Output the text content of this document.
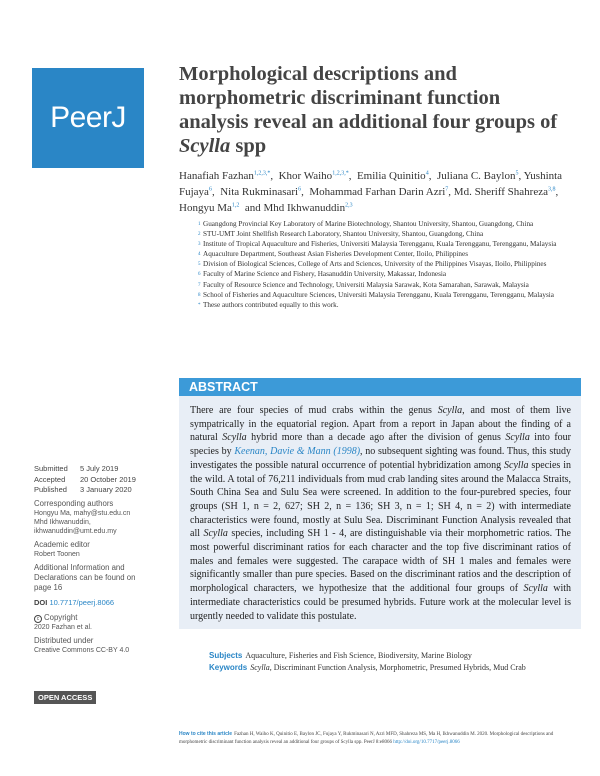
PeerJ
Morphological descriptions and morphometric discriminant function analysis reveal an additional four groups of Scylla spp
Hanafiah Fazhan$^{1,2,3,*}$,  Khor Waiho$^{1,2,3,*}$,  Emilia Quinitio$^4$,  Juliana C. Baylon$^5$, Yushinta Fujaya$^6$,  Nita Rukminasari$^6$,  Mohammad Farhan Darin Azri$^7$, Md. Sheriff Shahreza$^{3,8}$,  Hongyu Ma$^{1,2}$ and Mhd Ikhwanuddin$^{2,3}$
1 Guangdong Provincial Key Laboratory of Marine Biotechnology, Shantou University, Shantou, Guangdong, China
2 STU-UMT Joint Shellfish Research Laboratory, Shantou University, Shantou, Guangdong, China
3 Institute of Tropical Aquaculture and Fisheries, Universiti Malaysia Terengganu, Kuala Terengganu, Terengganu, Malaysia
4 Aquaculture Department, Southeast Asian Fisheries Development Center, Iloilo, Philippines
5 Division of Biological Sciences, College of Arts and Sciences, University of the Philippines Visayas, Iloilo, Philippines
6 Faculty of Marine Science and Fishery, Hasanuddin University, Makassar, Indonesia
7 Faculty of Resource Science and Technology, Universiti Malaysia Sarawak, Kota Samarahan, Sarawak, Malaysia
8 School of Fisheries and Aquaculture Sciences, Universiti Malaysia Terengganu, Kuala Terengganu, Terengganu, Malaysia
* These authors contributed equally to this work.
ABSTRACT
There are four species of mud crabs within the genus Scylla, and most of them live sympatrically in the equatorial region. Apart from a report in Japan about the finding of a natural Scylla hybrid more than a decade ago after the division of genus Scylla into four species by Keenan, Davie & Mann (1998), no subsequent sighting was found. Thus, this study investigates the possible natural occurrence of potential hybridization among Scylla species in the wild. A total of 76,211 individuals from mud crab landing sites around the Malacca Straits, South China Sea and Sulu Sea were screened. In addition to the four-purebred species, four groups (SH 1, n = 2, 627; SH 2, n = 136; SH 3, n = 1; SH 4, n = 2) with intermediate characteristics were found, mostly at Sulu Sea. Discriminant Function Analysis revealed that all Scylla species, including SH 1 - 4, are distinguishable via their morphometric ratios. The most powerful discriminant ratios for each character and the top five discriminant ratios of males and females were suggested. The carapace width of SH 1 males and females were significantly smaller than pure species. Based on the discriminant ratios and the description of morphological characters, we hypothesize that the additional four groups of Scylla with intermediate characteristics could be presumed hybrids. Future work at the molecular level is urgently needed to validate this postulate.
Submitted 5 July 2019
Accepted 20 October 2019
Published 3 January 2020
Corresponding authors
Hongyu Ma, mahy@stu.edu.cn
Mhd Ikhwanuddin,
ikhwanuddin@umt.edu.my
Academic editor
Robert Toonen
Additional Information and Declarations can be found on page 16
DOI 10.7717/peerj.8066
c Copyright
2020 Fazhan et al.
Distributed under
Creative Commons CC-BY 4.0
OPEN ACCESS
Subjects Aquaculture, Fisheries and Fish Science, Biodiversity, Marine Biology
Keywords Scylla, Discriminant Function Analysis, Morphometric, Presumed Hybrids, Mud Crab
How to cite this article Fazhan H, Waiho K, Quinitio E, Baylon JC, Fujaya Y, Rukminasari N, Azri MFD, Shahreza MS, Ma H, Ikhwanuddin M. 2020. Morphological descriptions and morphometric discriminant function analysis reveal an additional four groups of Scylla spp. PeerJ 8:e8066 http://doi.org/10.7717/peerj.8066
